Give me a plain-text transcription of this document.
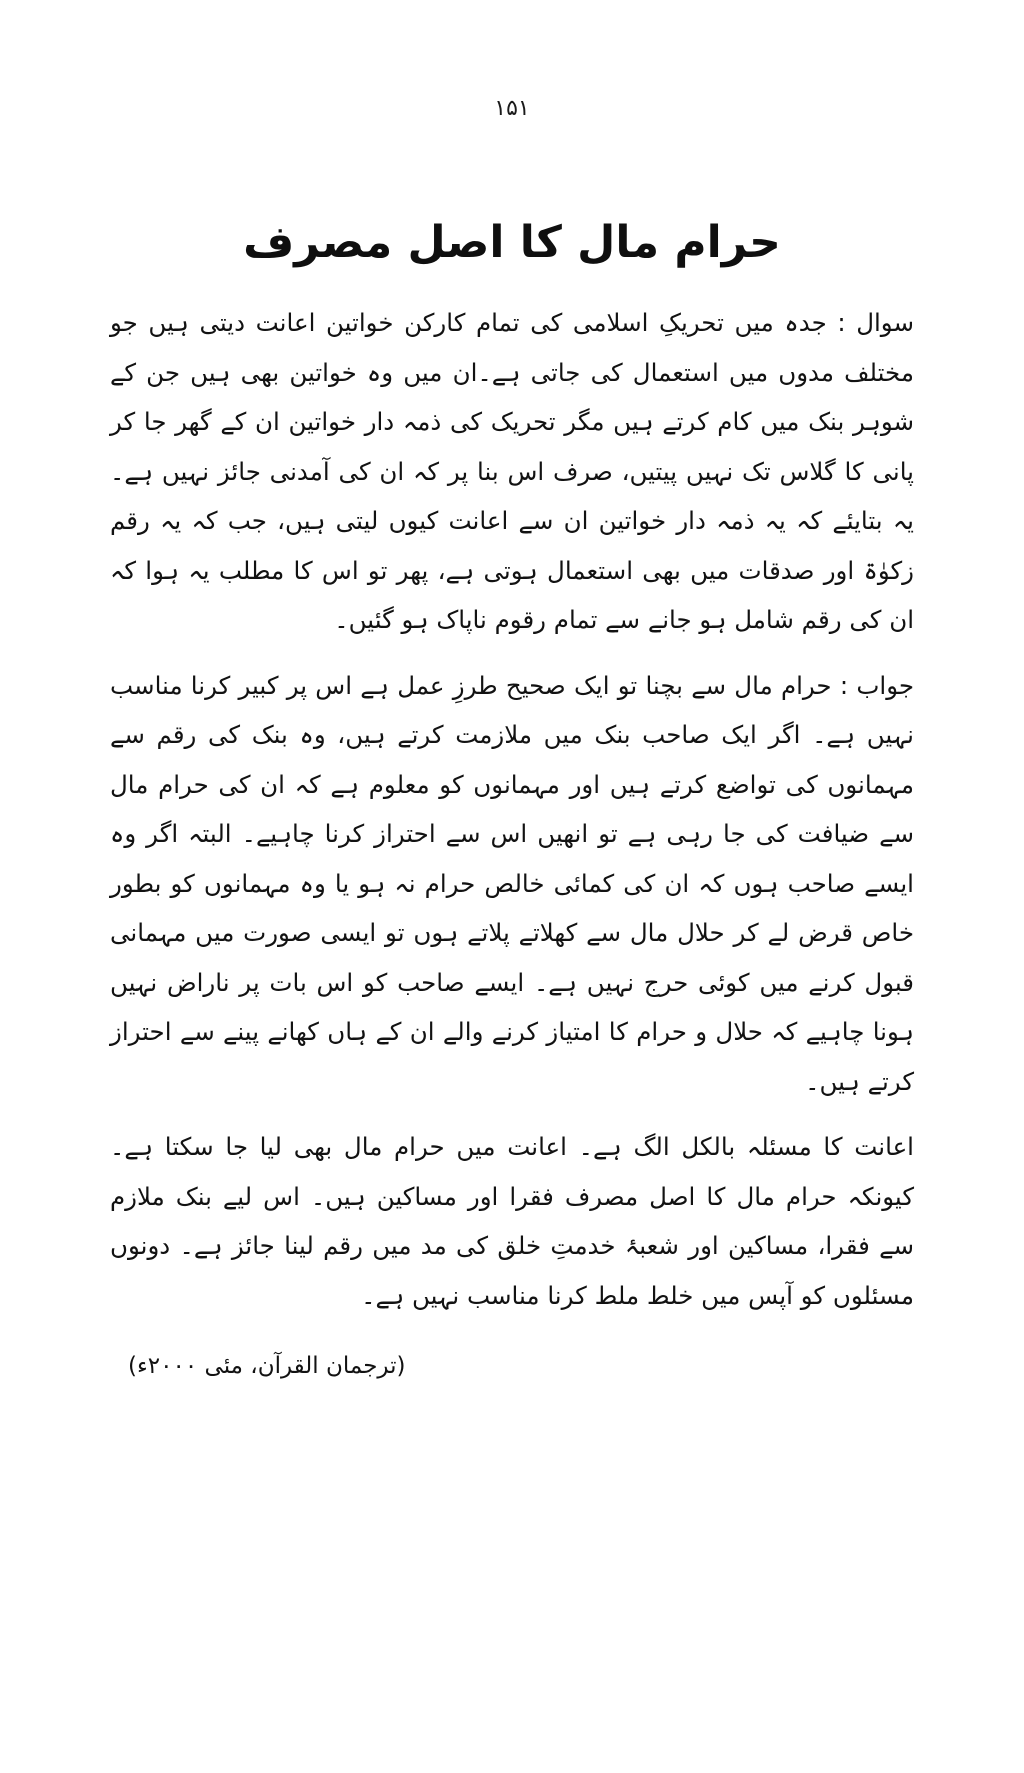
۱۵۱
حرام مال کا اصل مصرف

سوال : جدہ میں تحریکِ اسلامی کی تمام کارکن خواتین اعانت دیتی ہیں جو مختلف مدوں میں استعمال کی جاتی ہے۔ان میں وہ خواتین بھی ہیں جن کے شوہر بنک میں کام کرتے ہیں مگر تحریک کی ذمہ دار خواتین ان کے گھر جا کر پانی کا گلاس تک نہیں پیتیں، صرف اس بنا پر کہ ان کی آمدنی جائز نہیں ہے۔ یہ بتایئے کہ یہ ذمہ دار خواتین ان سے اعانت کیوں لیتی ہیں، جب کہ یہ رقم زکوٰۃ اور صدقات میں بھی استعمال ہوتی ہے، پھر تو اس کا مطلب یہ ہوا کہ ان کی رقم شامل ہو جانے سے تمام رقوم ناپاک ہو گئیں۔

جواب : حرام مال سے بچنا تو ایک صحیح طرزِ عمل ہے اس پر کبیر کرنا مناسب نہیں ہے۔ اگر ایک صاحب بنک میں ملازمت کرتے ہیں، وہ بنک کی رقم سے مہمانوں کی تواضع کرتے ہیں اور مہمانوں کو معلوم ہے کہ ان کی حرام مال سے ضیافت کی جا رہی ہے تو انھیں اس سے احتراز کرنا چاہیے۔ البتہ اگر وہ ایسے صاحب ہوں کہ ان کی کمائی خالص حرام نہ ہو یا وہ مہمانوں کو بطور خاص قرض لے کر حلال مال سے کھلاتے پلاتے ہوں تو ایسی صورت میں مہمانی قبول کرنے میں کوئی حرج نہیں ہے۔ ایسے صاحب کو اس بات پر ناراض نہیں ہونا چاہیے کہ حلال و حرام کا امتیاز کرنے والے ان کے ہاں کھانے پینے سے احتراز کرتے ہیں۔

اعانت کا مسئلہ بالکل الگ ہے۔ اعانت میں حرام مال بھی لیا جا سکتا ہے۔ کیونکہ حرام مال کا اصل مصرف فقرا اور مساکین ہیں۔ اس لیے بنک ملازم سے فقرا، مساکین اور شعبۂ خدمتِ خلق کی مد میں رقم لینا جائز ہے۔ دونوں مسئلوں کو آپس میں خلط ملط کرنا مناسب نہیں ہے۔

(ترجمان القرآن، مئی ۲۰۰۰ء)
